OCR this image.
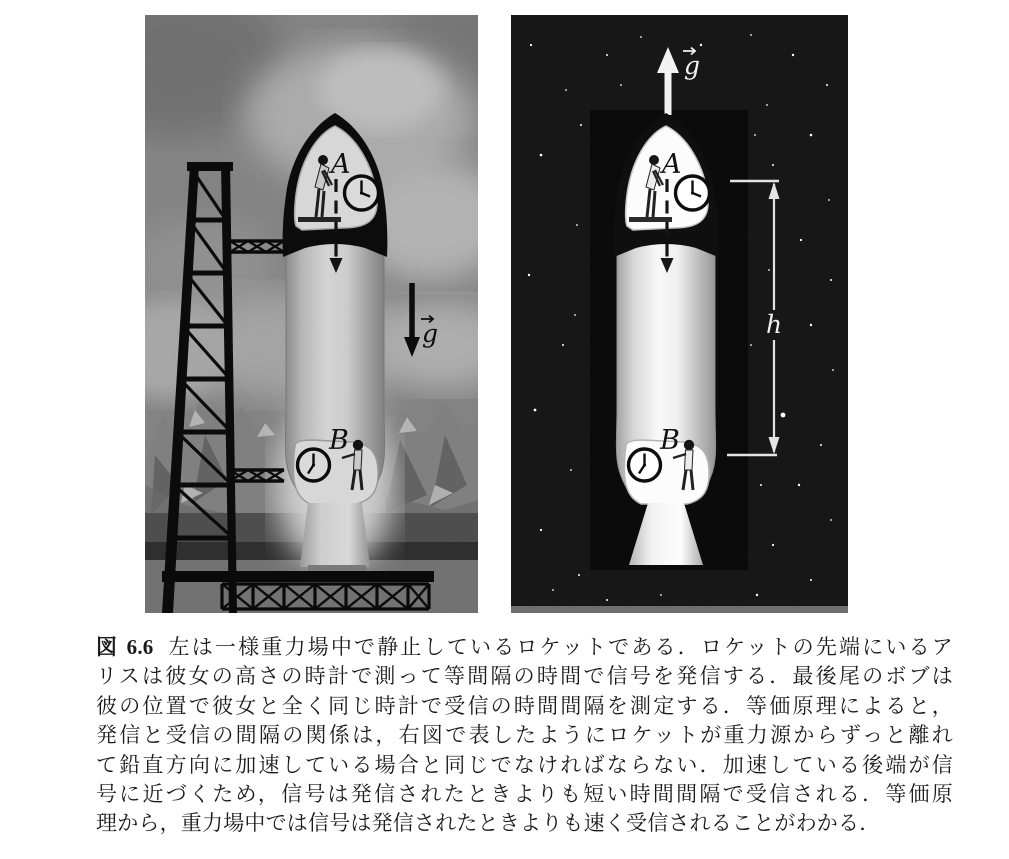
g
A
B
h
g
A
B
図 6.6 左は一様重力場中で静止しているロケットである．ロケットの先端にいるア
リスは彼女の高さの時計で測って等間隔の時間で信号を発信する．最後尾のボブは
彼の位置で彼女と全く同じ時計で受信の時間間隔を測定する．等価原理によると，
発信と受信の間隔の関係は，右図で表したようにロケットが重力源からずっと離れ
て鉛直方向に加速している場合と同じでなければならない．加速している後端が信
号に近づくため，信号は発信されたときよりも短い時間間隔で受信される．等価原
理から，重力場中では信号は発信されたときよりも速く受信されることがわかる．
